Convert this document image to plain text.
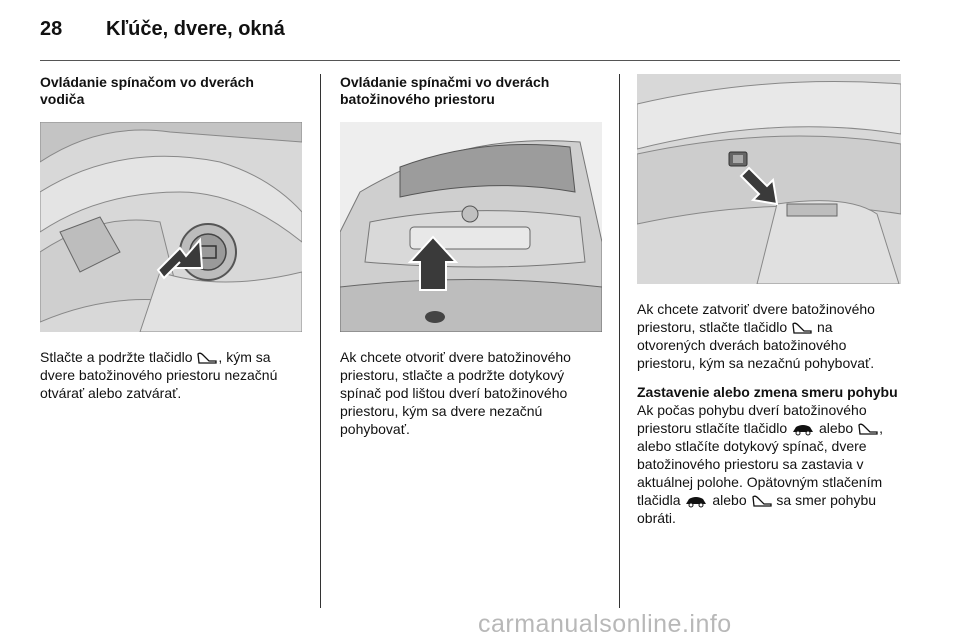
28 Kľúče, dvere, okná

Ovládanie spínačom vo dverách vodiča

Stlačte a podržte tlačidlo , kým sa dvere batožinového priestoru nezačnú otvárať alebo zatvárať.

Ovládanie spínačmi vo dverách batožinového priestoru

Ak chcete otvoriť dvere batožinového priestoru, stlačte a podržte dotykový spínač pod lištou dverí batožinového priestoru, kým sa dvere nezačnú pohybovať.

Ak chcete zatvoriť dvere batožinového priestoru, stlačte tlačidlo  na otvorených dverách batožinového priestoru, kým sa nezačnú pohybovať.

Zastavenie alebo zmena smeru pohybu

Ak počas pohybu dverí batožinového priestoru stlačíte tlačidlo  alebo , alebo stlačíte dotykový spínač, dvere batožinového priestoru sa zastavia v aktuálnej polohe. Opätovným stlačením tlačidla  alebo  sa smer pohybu obráti.

carmanualsonline.info
